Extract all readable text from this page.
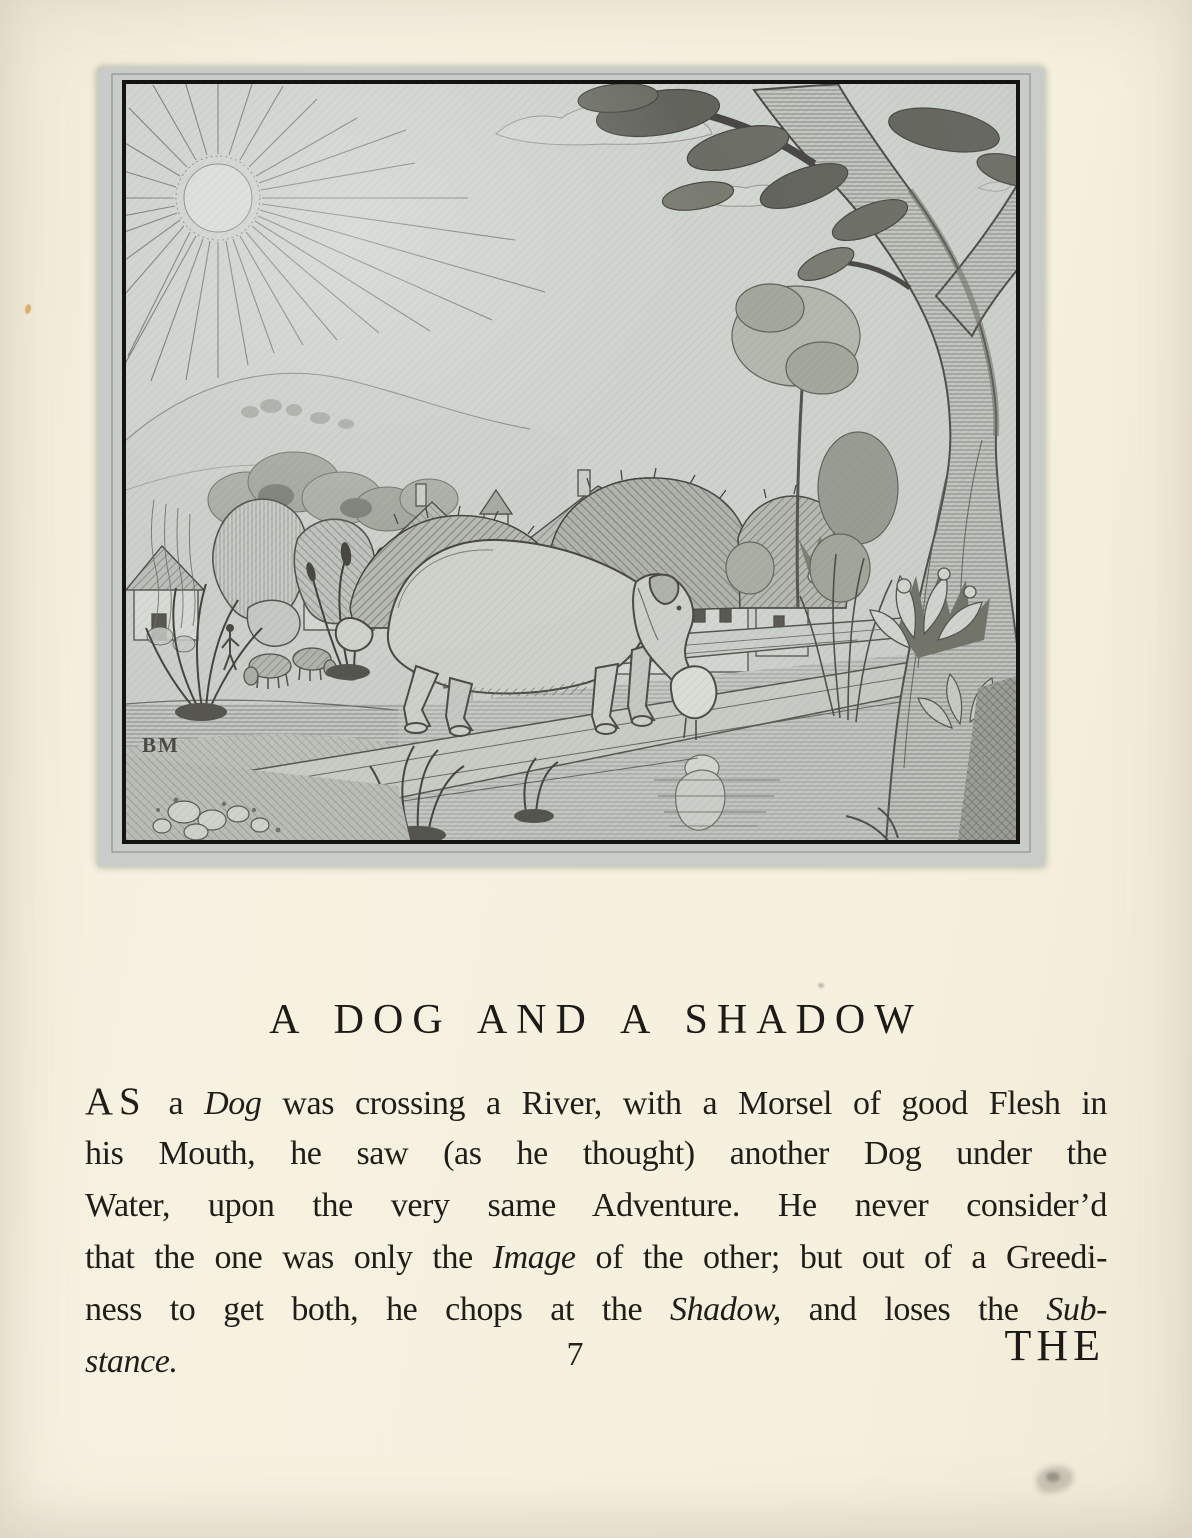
A DOG AND A SHADOW
AS a Dog was crossing a River, with a Morsel of good Flesh in
his Mouth, he saw (as he thought) another Dog under the
Water, upon the very same Adventure. He never consider’d
that the one was only the Image of the other; but out of a Greedi-
ness to get both, he chops at the Shadow, and loses the Sub-
stance.	7	THE
